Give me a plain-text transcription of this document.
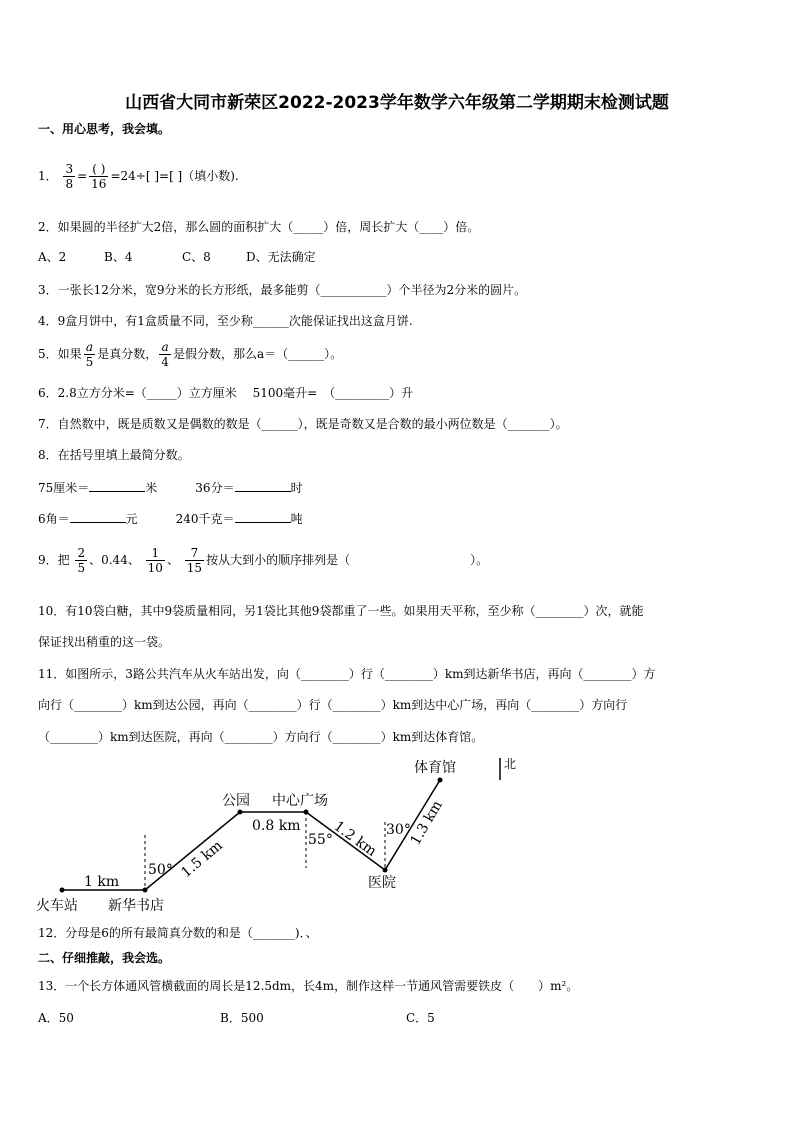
山西省大同市新荣区2022-2023学年数学六年级第二学期期末检测试题
一、用心思考，我会填。
1． $\frac{3}{8} = \frac{( )}{16} =24\div$[ ]=[ ]（填小数).
2．如果圆的半径扩大2倍，那么圆的面积扩大（_____）倍，周长扩大（____）倍。
A、2	B、4	C、8	D、无法确定
3．一张长12分米，宽9分米的长方形纸，最多能剪（___________）个半径为2分米的圆片。
4．9盒月饼中，有1盒质量不同，至少称______次能保证找出这盒月饼.
5．如果 $\frac{a}{5}$ 是真分数， $\frac{a}{4}$ 是假分数，那么a＝（______）。
6．2.8立方分米=（_____）立方厘米　 5100毫升=　（_________）升
7．自然数中，既是质数又是偶数的数是（______），既是奇数又是合数的最小两位数是（_______）。
8．在括号里填上最简分数。
75厘米＝	米	36分＝	时
6角＝	元	240千克＝	吨
9．把 $\frac{2}{5}$ 、0.44、 $\frac{1}{10}$ 、 $\frac{7}{15}$ 按从大到小的顺序排列是（	）。
10．有10袋白糖，其中9袋质量相同，另1袋比其他9袋都重了一些。如果用天平称，至少称（________）次，就能
保证找出稍重的这一袋。
11．如图所示，3路公共汽车从火车站出发，向（________）行（________）km到达新华书店，再向（________）方
向行（________）km到达公园，再向（________）行（________）km到达中心广场，再向（________）方向行
（________）km到达医院，再向（________）方向行（________）km到达体育馆。
火车站 新华书店
公园 中心广场
医院
体育馆	北
1 km
0.8 km
1.5 km	1.2 km 1.3 km
50°
55°
30°
12．分母是6的所有最简真分数的和是（_______)．、
二、仔细推敲，我会选。
13．一个长方体通风管横截面的周长是12.5dm，长4m，制作这样一节通风管需要铁皮（　　）m²。
A．50	B．500	C．5
